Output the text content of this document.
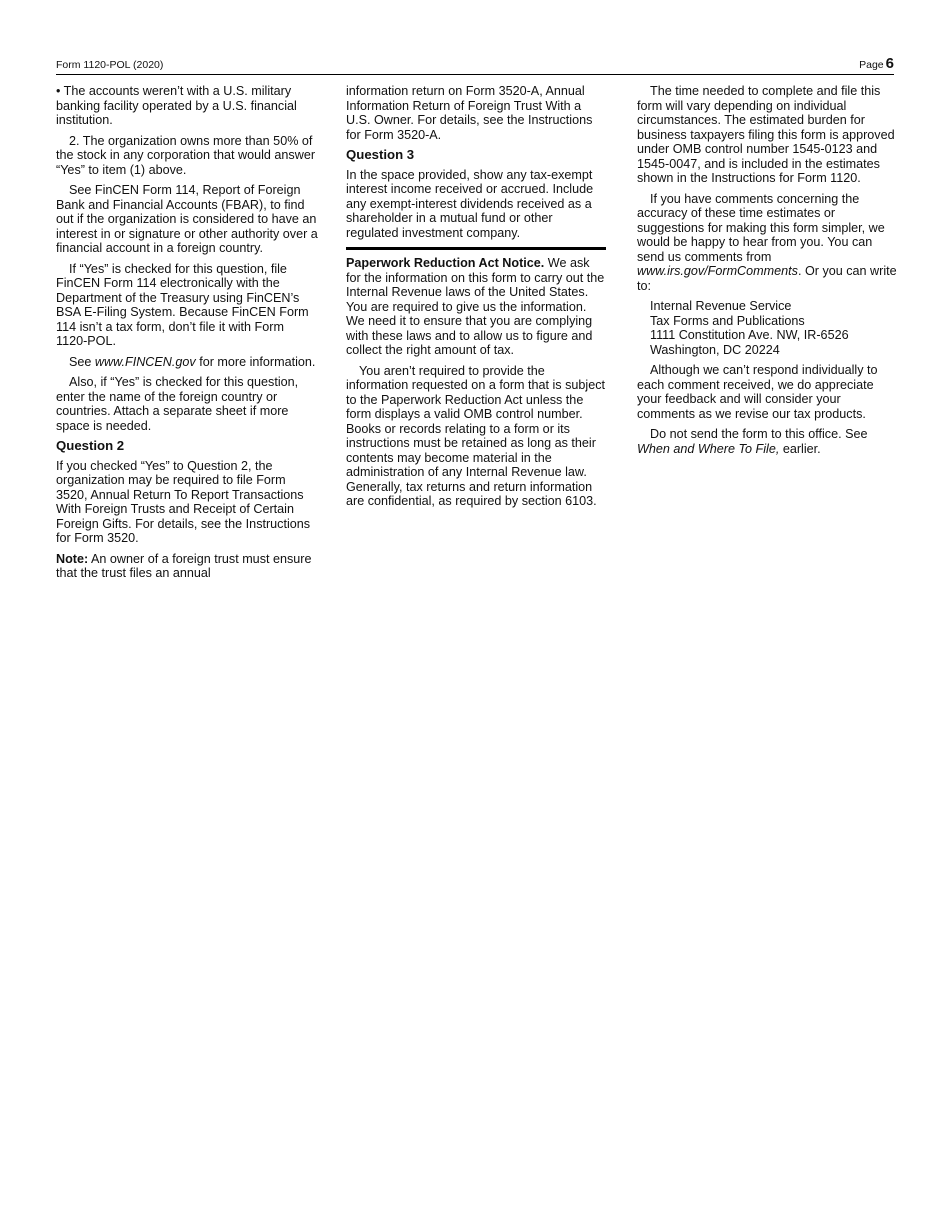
Form 1120-POL (2020)	Page 6

• The accounts weren’t with a U.S. military banking facility operated by a U.S. financial institution.

2. The organization owns more than 50% of the stock in any corporation that would answer “Yes” to item (1) above.

See FinCEN Form 114, Report of Foreign Bank and Financial Accounts (FBAR), to find out if the organization is considered to have an interest in or signature or other authority over a financial account in a foreign country.

If “Yes” is checked for this question, file FinCEN Form 114 electronically with the Department of the Treasury using FinCEN’s BSA E-Filing System. Because FinCEN Form 114 isn’t a tax form, don’t file it with Form 1120-POL.

See www.FINCEN.gov for more information.

Also, if “Yes” is checked for this question, enter the name of the foreign country or countries. Attach a separate sheet if more space is needed.

Question 2

If you checked “Yes” to Question 2, the organization may be required to file Form 3520, Annual Return To Report Transactions With Foreign Trusts and Receipt of Certain Foreign Gifts. For details, see the Instructions for Form 3520.

Note: An owner of a foreign trust must ensure that the trust files an annual

information return on Form 3520-A, Annual Information Return of Foreign Trust With a U.S. Owner. For details, see the Instructions for Form 3520-A.

Question 3

In the space provided, show any tax-exempt interest income received or accrued. Include any exempt-interest dividends received as a shareholder in a mutual fund or other regulated investment company.

Paperwork Reduction Act Notice. We ask for the information on this form to carry out the Internal Revenue laws of the United States. You are required to give us the information. We need it to ensure that you are complying with these laws and to allow us to figure and collect the right amount of tax.

You aren’t required to provide the information requested on a form that is subject to the Paperwork Reduction Act unless the form displays a valid OMB control number. Books or records relating to a form or its instructions must be retained as long as their contents may become material in the administration of any Internal Revenue law. Generally, tax returns and return information are confidential, as required by section 6103.

The time needed to complete and file this form will vary depending on individual circumstances. The estimated burden for business taxpayers filing this form is approved under OMB control number 1545-0123 and 1545-0047, and is included in the estimates shown in the Instructions for Form 1120.

If you have comments concerning the accuracy of these time estimates or suggestions for making this form simpler, we would be happy to hear from you. You can send us comments from www.irs.gov/FormComments. Or you can write to:

Internal Revenue Service
Tax Forms and Publications
1111 Constitution Ave. NW, IR-6526
Washington, DC 20224

Although we can’t respond individually to each comment received, we do appreciate your feedback and will consider your comments as we revise our tax products.

Do not send the form to this office. See When and Where To File, earlier.
